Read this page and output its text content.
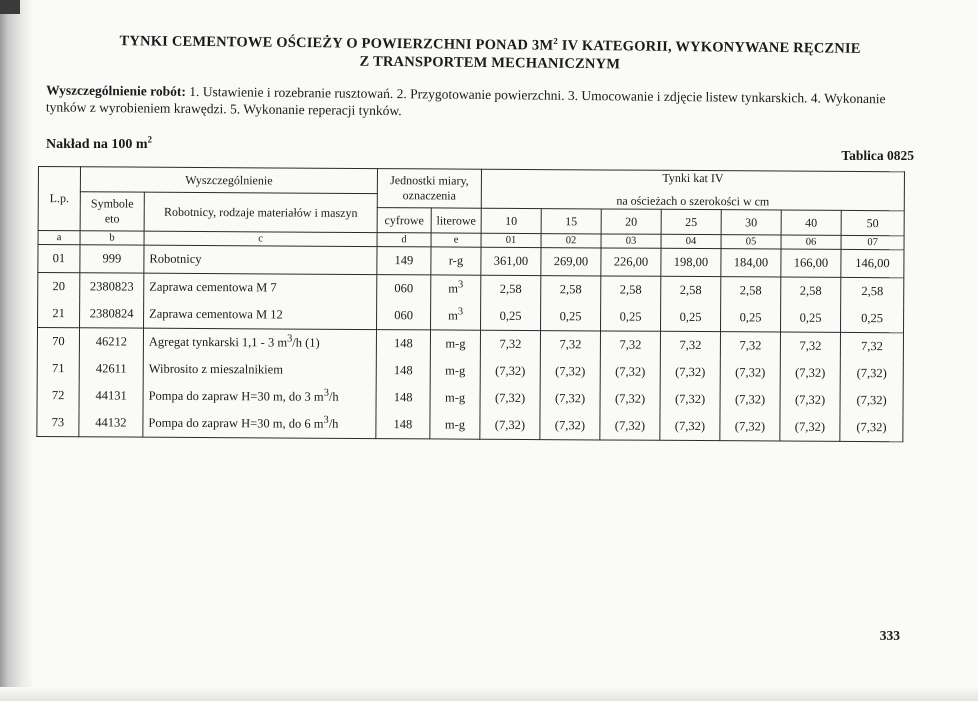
TYNKI CEMENTOWE OŚCIEŻY O POWIERZCHNI PONAD $3M^2$ IV KATEGORII, WYKONYWANE RĘCZNIE
Z TRANSPORTEM MECHANICZNYM
Wyszczególnienie robót: 1. Ustawienie i rozebranie rusztowań. 2. Przygotowanie powierzchni. 3. Umocowanie i zdjęcie listew tynkarskich. 4. Wykonanie tynków z wyrobieniem krawędzi. 5. Wykonanie reperacji tynków.
Nakład na 100 $m^2$
Tablica 0825
L.p.	Wyszczególnienie		Jednostki miary, oznaczenia		Tynki kat IV
na ościeżach o szerokości w cm						

	Symbole eto	Robotnicy, rodzaje materiałów i maszyn									
			cyfrowe	literowe	10	15	20	25	30	40	50
a	b	c	d	e	01	02	03	04	05	06	07
01	999	Robotnicy	149	r-g	361,00	269,00	226,00	198,00	184,00	166,00	146,00
20	2380823	Zaprawa cementowa M 7	060	$m^3$	2,58	2,58	2,58	2,58	2,58	2,58	2,58
21	2380824	Zaprawa cementowa M 12	060	$m^3$	0,25	0,25	0,25	0,25	0,25	0,25	0,25
70	46212	Agregat tynkarski 1,1 - 3 $m^3/h$ (1)	148	m-g	7,32	7,32	7,32	7,32	7,32	7,32	7,32
71	42611	Wibrosito z mieszalnikiem	148	m-g	(7,32)	(7,32)	(7,32)	(7,32)	(7,32)	(7,32)	(7,32)
72	44131	Pompa do zapraw H=30 m, do 3 $m^3/h$	148	m-g	(7,32)	(7,32)	(7,32)	(7,32)	(7,32)	(7,32)	(7,32)
73	44132	Pompa do zapraw H=30 m, do 6 $m^3/h$	148	m-g	(7,32)	(7,32)	(7,32)	(7,32)	(7,32)	(7,32)	(7,32)
333
